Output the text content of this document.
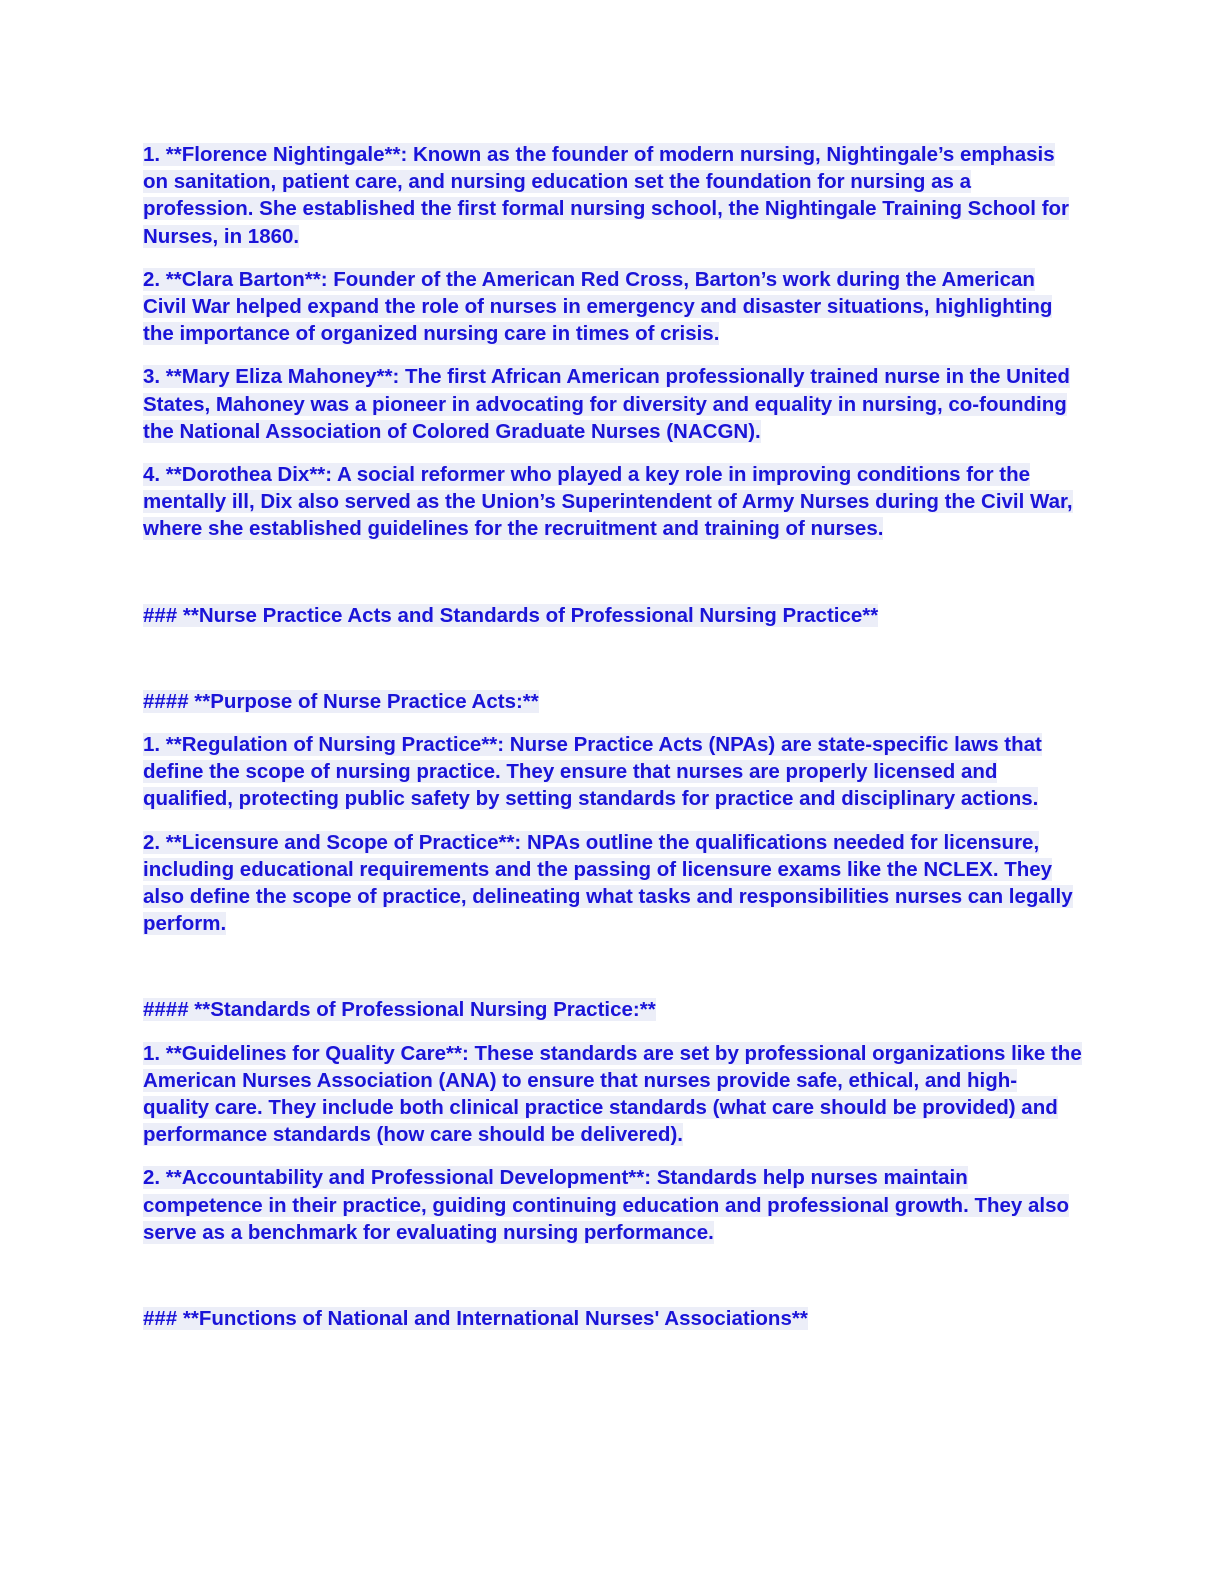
1. **Florence Nightingale**: Known as the founder of modern nursing, Nightingale’s emphasis on sanitation, patient care, and nursing education set the foundation for nursing as a profession. She established the first formal nursing school, the Nightingale Training School for Nurses, in 1860.

2. **Clara Barton**: Founder of the American Red Cross, Barton’s work during the American Civil War helped expand the role of nurses in emergency and disaster situations, highlighting the importance of organized nursing care in times of crisis.

3. **Mary Eliza Mahoney**: The first African American professionally trained nurse in the United States, Mahoney was a pioneer in advocating for diversity and equality in nursing, co-founding the National Association of Colored Graduate Nurses (NACGN).

4. **Dorothea Dix**: A social reformer who played a key role in improving conditions for the mentally ill, Dix also served as the Union’s Superintendent of Army Nurses during the Civil War, where she established guidelines for the recruitment and training of nurses.

### **Nurse Practice Acts and Standards of Professional Nursing Practice**

#### **Purpose of Nurse Practice Acts:**

1. **Regulation of Nursing Practice**: Nurse Practice Acts (NPAs) are state-specific laws that define the scope of nursing practice. They ensure that nurses are properly licensed and qualified, protecting public safety by setting standards for practice and disciplinary actions.

2. **Licensure and Scope of Practice**: NPAs outline the qualifications needed for licensure, including educational requirements and the passing of licensure exams like the NCLEX. They also define the scope of practice, delineating what tasks and responsibilities nurses can legally perform.

#### **Standards of Professional Nursing Practice:**

1. **Guidelines for Quality Care**: These standards are set by professional organizations like the American Nurses Association (ANA) to ensure that nurses provide safe, ethical, and high-quality care. They include both clinical practice standards (what care should be provided) and performance standards (how care should be delivered).

2. **Accountability and Professional Development**: Standards help nurses maintain competence in their practice, guiding continuing education and professional growth. They also serve as a benchmark for evaluating nursing performance.

### **Functions of National and International Nurses' Associations**
